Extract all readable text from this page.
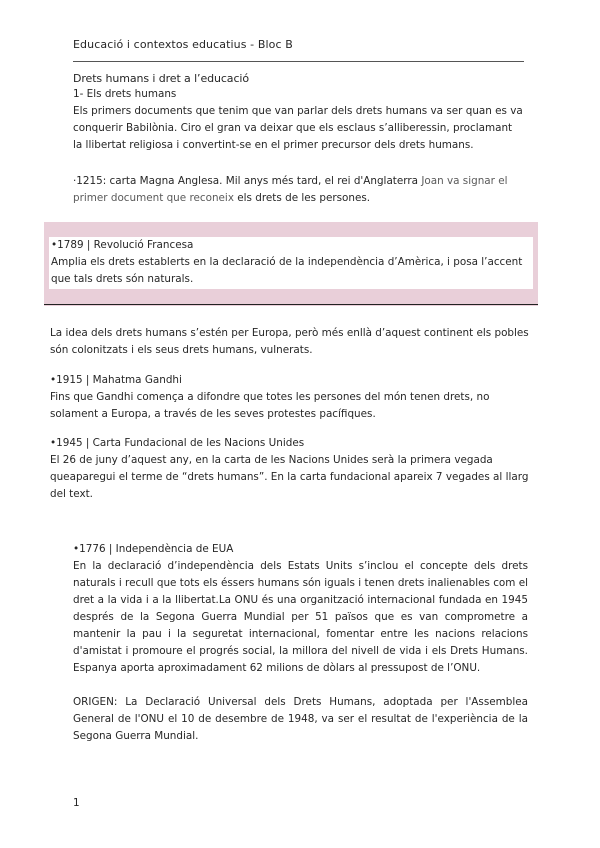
Educació i contextos educatius - Bloc B
Drets humans i dret a l’educació
1- Els drets humans

Els primers documents que tenim que van parlar dels drets humans va ser quan es va conquerir Babilònia. Ciro el gran va deixar que els esclaus s’alliberessin, proclamant la llibertat religiosa i convertint-se en el primer precursor dels drets humans.

·1215: carta Magna Anglesa. Mil anys més tard, el rei d'Anglaterra Joan va signar el primer document que reconeix els drets de les persones.

•1789 | Revolució Francesa
Amplia els drets establerts en la declaració de la independència d’Amèrica, i posa l’accent que tals drets són naturals.

La idea dels drets humans s’estén per Europa, però més enllà d’aquest continent els pobles són colonitzats i els seus drets humans, vulnerats.

•1915 | Mahatma Gandhi
Fins que Gandhi comença a difondre que totes les persones del món tenen drets, no solament a Europa, a través de les seves protestes pacífiques.
•1945 | Carta Fundacional de les Nacions Unides
El 26 de juny d’aquest any, en la carta de les Nacions Unides serà la primera vegada queaparegui el terme de “drets humans”. En la carta fundacional apareix 7 vegades al llarg del text.
•1776 | Independència de EUA
En la declaració d’independència dels Estats Units s’inclou el concepte dels drets naturals i recull que tots els éssers humans són iguals i tenen drets inalienables com el dret a la vida i a la llibertat.La ONU és una organització internacional fundada en 1945 després de la Segona Guerra Mundial per 51 països que es van comprometre a mantenir la pau i la seguretat internacional, fomentar entre les nacions relacions d'amistat i promoure el progrés social, la millora del nivell de vida i els Drets Humans. Espanya aporta aproximadament 62 milions de dòlars al pressupost de l’ONU.

ORIGEN: La Declaració Universal dels Drets Humans, adoptada per l'Assemblea General de l'ONU el 10 de desembre de 1948, va ser el resultat de l'experiència de la Segona Guerra Mundial.

1
